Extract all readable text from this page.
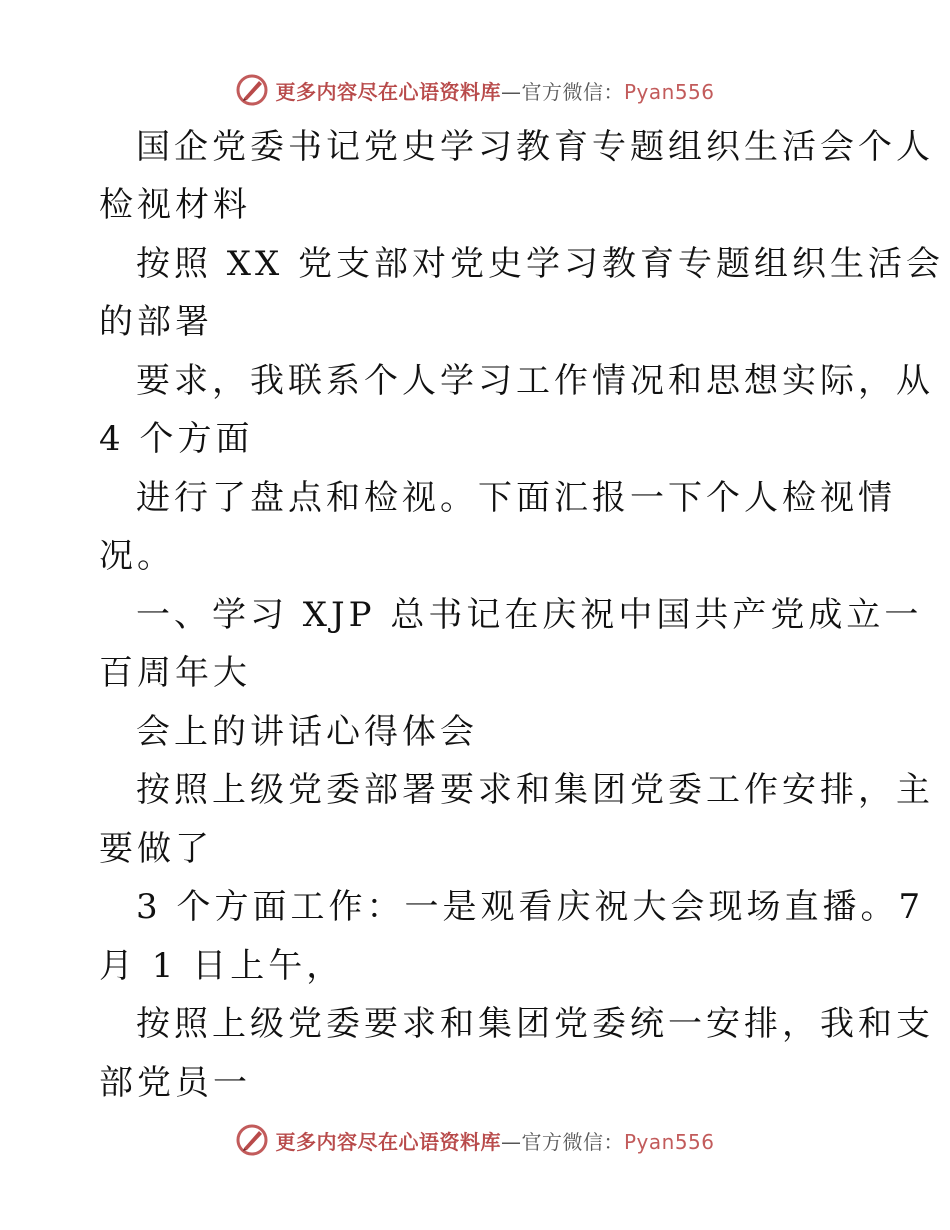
更多内容尽在心语资料库—官方微信：Pyan556
国企党委书记党史学习教育专题组织生活会个人
检视材料
按照 XX 党支部对党史学习教育专题组织生活会
的部署
要求，我联系个人学习工作情况和思想实际，从
4 个方面
进行了盘点和检视。下面汇报一下个人检视情
况。
一、学习 XJP 总书记在庆祝中国共产党成立一
百周年大
会上的讲话心得体会
按照上级党委部署要求和集团党委工作安排，主
要做了
3 个方面工作：一是观看庆祝大会现场直播。7
月 1 日上午，
按照上级党委要求和集团党委统一安排，我和支
部党员一
更多内容尽在心语资料库—官方微信：Pyan556
